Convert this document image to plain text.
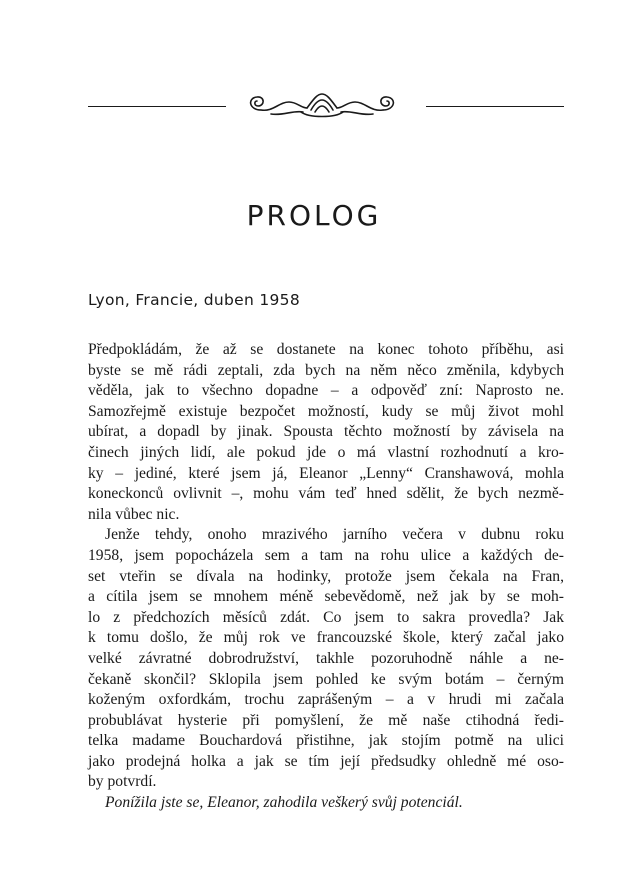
PROLOG
Lyon, Francie, duben 1958
Předpokládám, že až se dostanete na konec tohoto příběhu, asi
byste se mě rádi zeptali, zda bych na něm něco změnila, kdybych
věděla, jak to všechno dopadne – a odpověď zní: Naprosto ne.
Samozřejmě existuje bezpočet možností, kudy se můj život mohl
ubírat, a dopadl by jinak. Spousta těchto možností by závisela na
činech jiných lidí, ale pokud jde o má vlastní rozhodnutí a kro-
ky – jediné, které jsem já, Eleanor „Lenny“ Cranshawová, mohla
koneckonců ovlivnit –, mohu vám teď hned sdělit, že bych nezmě-
nila vůbec nic.
Jenže tehdy, onoho mrazivého jarního večera v dubnu roku
1958, jsem popocházela sem a tam na rohu ulice a každých de-
set vteřin se dívala na hodinky, protože jsem čekala na Fran,
a cítila jsem se mnohem méně sebevědomě, než jak by se moh-
lo z předchozích měsíců zdát. Co jsem to sakra provedla? Jak
k tomu došlo, že můj rok ve francouzské škole, který začal jako
velké závratné dobrodružství, takhle pozoruhodně náhle a ne-
čekaně skončil? Sklopila jsem pohled ke svým botám – černým
koženým oxfordkám, trochu zaprášeným – a v hrudi mi začala
probublávat hysterie při pomyšlení, že mě naše ctihodná ředi-
telka madame Bouchardová přistihne, jak stojím potmě na ulici
jako prodejná holka a jak se tím její předsudky ohledně mé oso-
by potvrdí.
Ponížila jste se, Eleanor, zahodila veškerý svůj potenciál.
